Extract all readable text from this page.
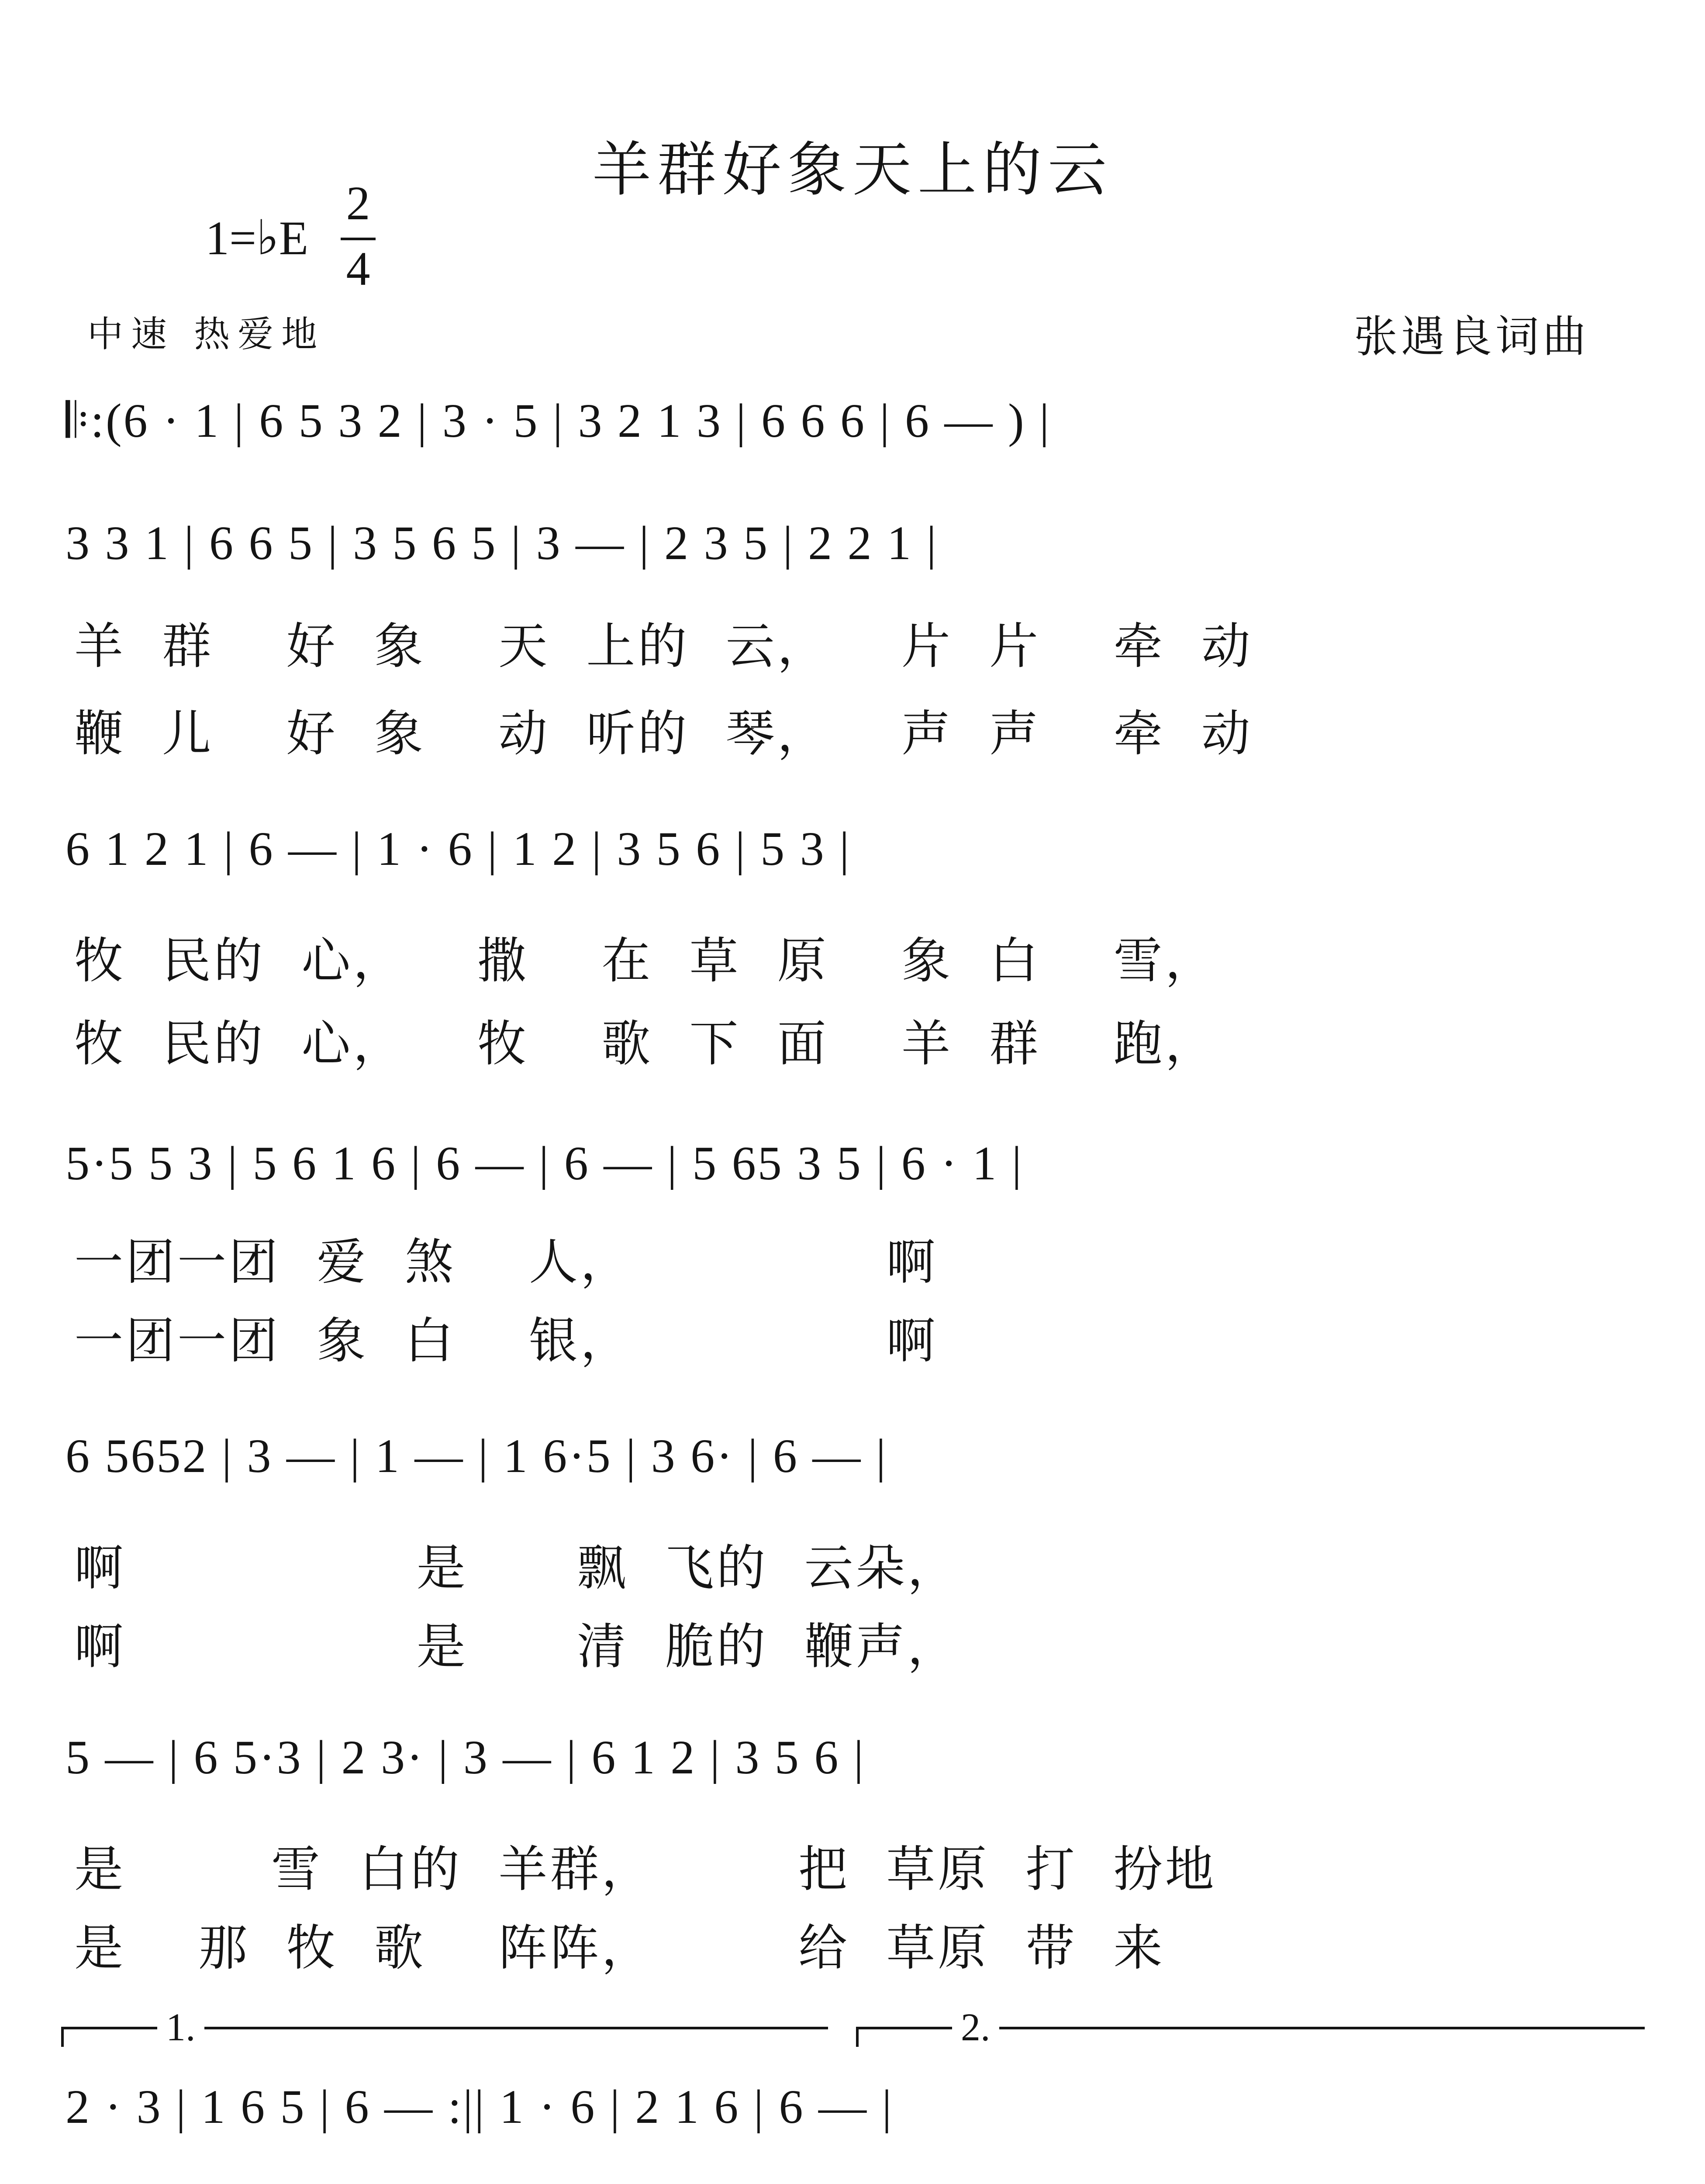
羊群好象天上的云
1=♭E
2
4
中速 热爱地	张遇良词曲
𝄆:(6 · 1 | 6 5 3 2 | 3 · 5 | 3 2 1 3 | 6 6 6 | 6 — ) |
3 3 1 | 6 6 5 | 3 5 6 5 | 3 — | 2 3 5 | 2 2 1 |
羊  群    好  象    天  上的  云，    片  片    牵  动
鞭  儿    好  象    动  听的  琴，    声  声    牵  动
6 1 2 1 | 6 — | 1 · 6 | 1 2 | 3 5 6 | 5 3 |
牧  民的  心，    撒    在  草  原    象  白    雪，
牧  民的  心，    牧    歌  下  面    羊  群    跑，
5·5 5 3 | 5 6 1 6 | 6 — | 6 — | 5 65 3 5 | 6 · 1 |
一团一团  爱  煞    人，              啊
一团一团  象  白    银，              啊
6 5652 | 3 — | 1 — | 1 6·5 | 3 6· | 6 — |
啊                是      飘  飞的  云朵，
啊                是      清  脆的  鞭声，
5 — | 6 5·3 | 2 3· | 3 — | 6 1 2 | 3 5 6 |
是        雪  白的  羊群，        把  草原  打  扮地
是    那  牧  歌    阵阵，        给  草原  带  来
1.	2.
2 · 3 | 1 6 5 | 6 — :|| 1 · 6 | 2 1 6 | 6 — |
